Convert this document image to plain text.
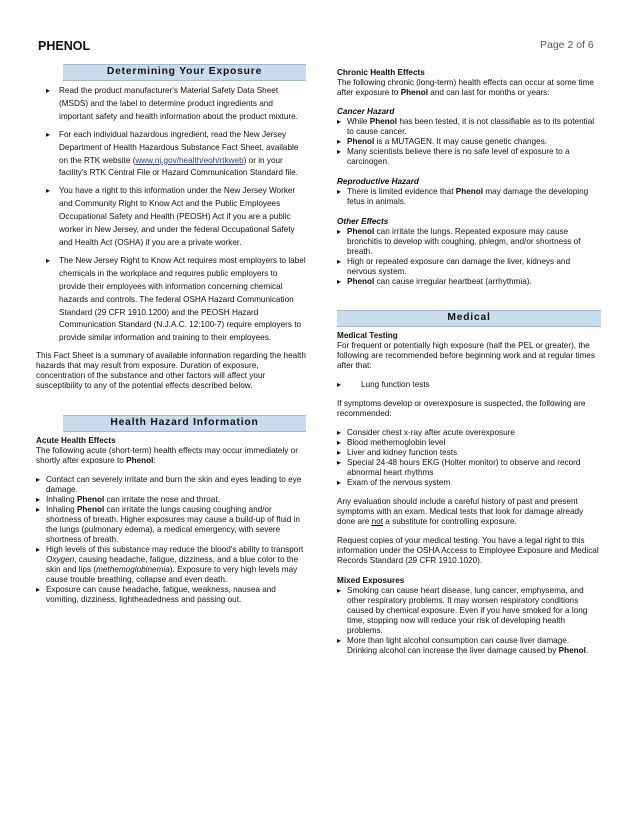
PHENOL	Page 2 of 6
Determining Your Exposure
▸ Read the product manufacturer's Material Safety Data Sheet (MSDS) and the label to determine product ingredients and important safety and health information about the product mixture.
▸ For each individual hazardous ingredient, read the New Jersey Department of Health Hazardous Substance Fact Sheet, available on the RTK website (www.nj.gov/health/eoh/rtkweb) or in your facility's RTK Central File or Hazard Communication Standard file.
▸ You have a right to this information under the New Jersey Worker and Community Right to Know Act and the Public Employees Occupational Safety and Health (PEOSH) Act if you are a public worker in New Jersey, and under the federal Occupational Safety and Health Act (OSHA) if you are a private worker.
▸ The New Jersey Right to Know Act requires most employers to label chemicals in the workplace and requires public employers to provide their employees with information concerning chemical hazards and controls. The federal OSHA Hazard Communication Standard (29 CFR 1910.1200) and the PEOSH Hazard Communication Standard (N.J.A.C. 12:100-7) require employers to provide similar information and training to their employees.

This Fact Sheet is a summary of available information regarding the health hazards that may result from exposure. Duration of exposure, concentration of the substance and other factors will affect your susceptibility to any of the potential effects described below.

Health Hazard Information

Acute Health Effects

The following acute (short-term) health effects may occur immediately or shortly after exposure to Phenol:

▸ Contact can severely irritate and burn the skin and eyes leading to eye damage.
▸ Inhaling Phenol can irritate the nose and throat.
▸ Inhaling Phenol can irritate the lungs causing coughing and/or shortness of breath. Higher exposures may cause a build-up of fluid in the lungs (pulmonary edema), a medical emergency, with severe shortness of breath.
▸ High levels of this substance may reduce the blood's ability to transport Oxygen, causing headache, fatigue, dizziness, and a blue color to the skin and lips (methemoglobinemia). Exposure to very high levels may cause trouble breathing, collapse and even death.
▸ Exposure can cause headache, fatigue, weakness, nausea and vomiting, dizziness, lightheadedness and passing out.

Chronic Health Effects

The following chronic (long-term) health effects can occur at some time after exposure to Phenol and can last for months or years:

Cancer Hazard

▸ While Phenol has been tested, it is not classifiable as to its potential to cause cancer.
▸ Phenol is a MUTAGEN. It may cause genetic changes.
▸ Many scientists believe there is no safe level of exposure to a carcinogen.

Reproductive Hazard

▸ There is limited evidence that Phenol may damage the developing fetus in animals.

Other Effects

▸ Phenol can irritate the lungs. Repeated exposure may cause bronchitis to develop with coughing, phlegm, and/or shortness of breath.
▸ High or repeated exposure can damage the liver, kidneys and nervous system.
▸ Phenol can cause irregular heartbeat (arrhythmia).
Medical

Medical Testing

For frequent or potentially high exposure (half the PEL or greater), the following are recommended before beginning work and at regular times after that:

▸ Lung function tests

If symptoms develop or overexposure is suspected, the following are recommended:

▸ Consider chest x-ray after acute overexposure
▸ Blood methemoglobin level
▸ Liver and kidney function tests
▸ Special 24-48 hours EKG (Holter monitor) to observe and record abnormal heart rhythms
▸ Exam of the nervous system

Any evaluation should include a careful history of past and present symptoms with an exam. Medical tests that look for damage already done are not a substitute for controlling exposure.

Request copies of your medical testing. You have a legal right to this information under the OSHA Access to Employee Exposure and Medical Records Standard (29 CFR 1910.1020).

Mixed Exposures

▸ Smoking can cause heart disease, lung cancer, emphysema, and other respiratory problems. It may worsen respiratory conditions caused by chemical exposure. Even if you have smoked for a long time, stopping now will reduce your risk of developing health problems.
▸ More than light alcohol consumption can cause liver damage. Drinking alcohol can increase the liver damage caused by Phenol.
